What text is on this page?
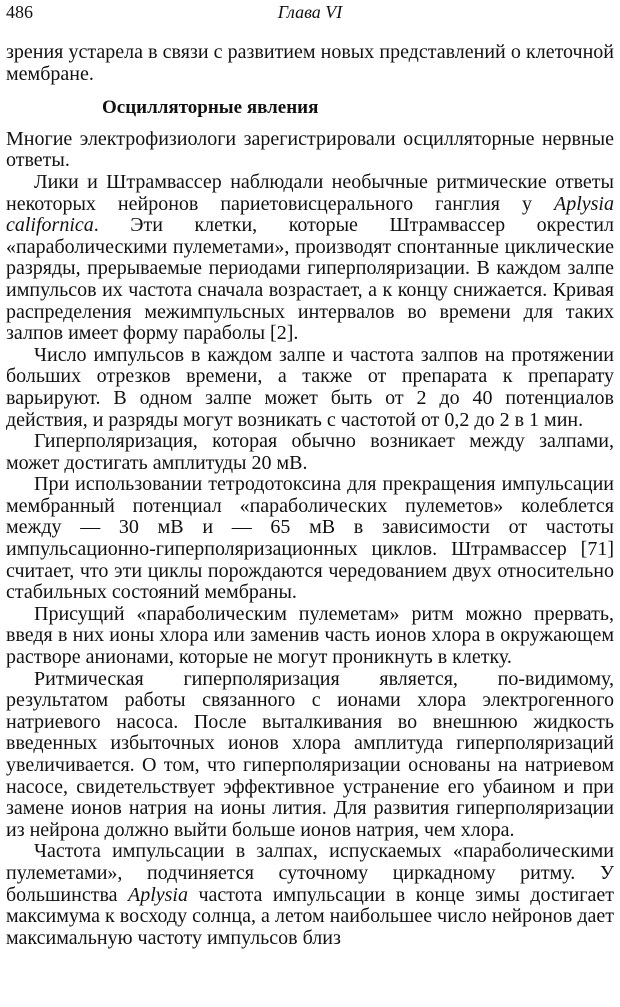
486	Глава VI

зрения устарела в связи с развитием новых представлений о клеточной мембране.

Осцилляторные явления

Многие электрофизиологи зарегистрировали осцилляторные нервные ответы.

Лики и Штрамвассер наблюдали необычные ритмические ответы некоторых нейронов париетовисцерального ганглия у Aplysia californica. Эти клетки, которые Штрамвассер окрестил «параболическими пулеметами», производят спонтанные циклические разряды, прерываемые периодами гиперполяризации. В каждом залпе импульсов их частота сначала возрастает, а к концу снижается. Кривая распределения межимпульсных интервалов во времени для таких залпов имеет форму параболы [2].

Число импульсов в каждом залпе и частота залпов на протяжении больших отрезков времени, а также от препарата к препарату варьируют. В одном залпе может быть от 2 до 40 потенциалов действия, и разряды могут возникать с частотой от 0,2 до 2 в 1 мин.

Гиперполяризация, которая обычно возникает между залпами, может достигать амплитуды 20 мВ.

При использовании тетродотоксина для прекращения импульсации мембранный потенциал «параболических пулеметов» колеблется между — 30 мВ и — 65 мВ в зависимости от частоты импульсационно-гиперполяризационных циклов. Штрамвассер [71] считает, что эти циклы порождаются чередованием двух относительно стабильных состояний мембраны.

Присущий «параболическим пулеметам» ритм можно прервать, введя в них ионы хлора или заменив часть ионов хлора в окружающем растворе анионами, которые не могут проникнуть в клетку.

Ритмическая гиперполяризация является, по-видимому, результатом работы связанного с ионами хлора электрогенного натриевого насоса. После выталкивания во внешнюю жидкость введенных избыточных ионов хлора амплитуда гиперполяризаций увеличивается. О том, что гиперполяризации основаны на натриевом насосе, свидетельствует эффективное устранение его убаином и при замене ионов натрия на ионы лития. Для развития гиперполяризации из нейрона должно выйти больше ионов натрия, чем хлора.

Частота импульсации в залпах, испускаемых «параболическими пулеметами», подчиняется суточному циркадному ритму. У большинства Aplysia частота импульсации в конце зимы достигает максимума к восходу солнца, а летом наибольшее число нейронов дает максимальную частоту импульсов близ
